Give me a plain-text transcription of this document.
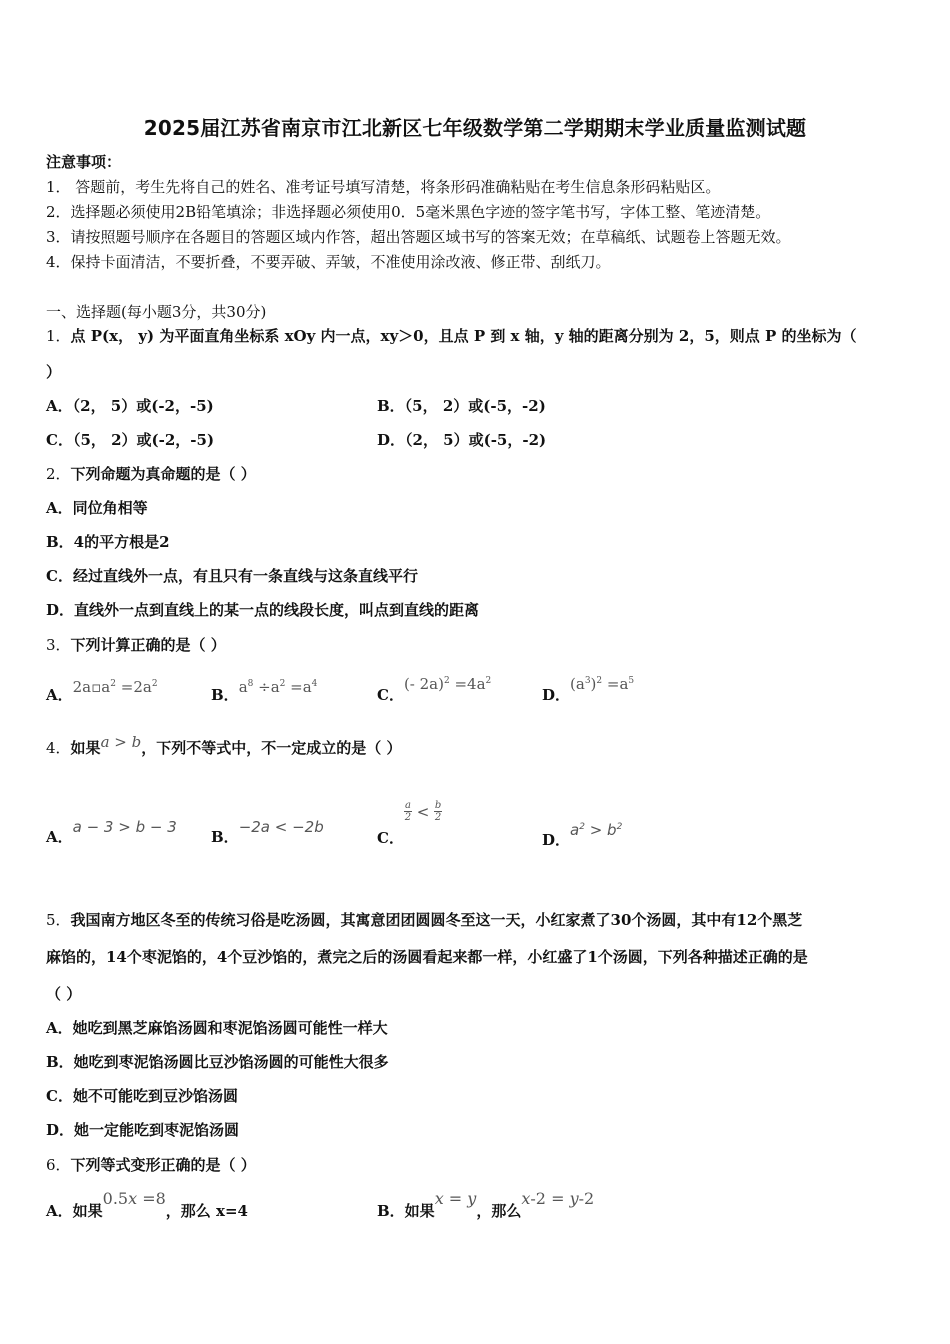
2025届江苏省南京市江北新区七年级数学第二学期期末学业质量监测试题
注意事项：
1． 答题前，考生先将自己的姓名、准考证号填写清楚，将条形码准确粘贴在考生信息条形码粘贴区。
2．选择题必须使用2B铅笔填涂；非选择题必须使用0．5毫米黑色字迹的签字笔书写，字体工整、笔迹清楚。
3．请按照题号顺序在各题目的答题区域内作答，超出答题区域书写的答案无效；在草稿纸、试题卷上答题无效。
4．保持卡面清洁，不要折叠，不要弄破、弄皱，不准使用涂改液、修正带、刮纸刀。
一、选择题(每小题3分，共30分)
1．点 P(x， y) 为平面直角坐标系 xOy 内一点，xy＞0，且点 P 到 x 轴，y 轴的距离分别为 2，5，则点 P 的坐标为（
）
A．（2， 5）或(-2，-5)	B．（5， 2）或(-5，-2)
C．（5， 2）或(-2，-5)	D．（2， 5）或(-5，-2)
2．下列命题为真命题的是（ ）
A．同位角相等
B．4的平方根是2
C．经过直线外一点，有且只有一条直线与这条直线平行
D．直线外一点到直线上的某一点的线段长度，叫点到直线的距离
3．下列计算正确的是（ ）
A．$2a▫a^2 =2a^2$
B．$a^8 \div a^2 =a^4$
C．(- $2a)^2 =4a^2$
D．$(a^3)^2 =a^5$
4．如果a > b，下列不等式中，不一定成立的是（ ）
A．a − 3 > b − 3
B．−2a < −2b
C．a
2 < b
2
D．$a^2 > b^2$
5．我国南方地区冬至的传统习俗是吃汤圆，其寓意团团圆圆冬至这一天，小红家煮了30个汤圆，其中有12个黑芝
麻馅的，14个枣泥馅的，4个豆沙馅的，煮完之后的汤圆看起来都一样，小红盛了1个汤圆，下列各种描述正确的是
（ ）
A．她吃到黑芝麻馅汤圆和枣泥馅汤圆可能性一样大
B．她吃到枣泥馅汤圆比豆沙馅汤圆的可能性大很多
C．她不可能吃到豆沙馅汤圆
D．她一定能吃到枣泥馅汤圆
6．下列等式变形正确的是（ ）
A．如果0.5x =8，那么 x=4	B．如果x = y，那么x-2 = y-2
